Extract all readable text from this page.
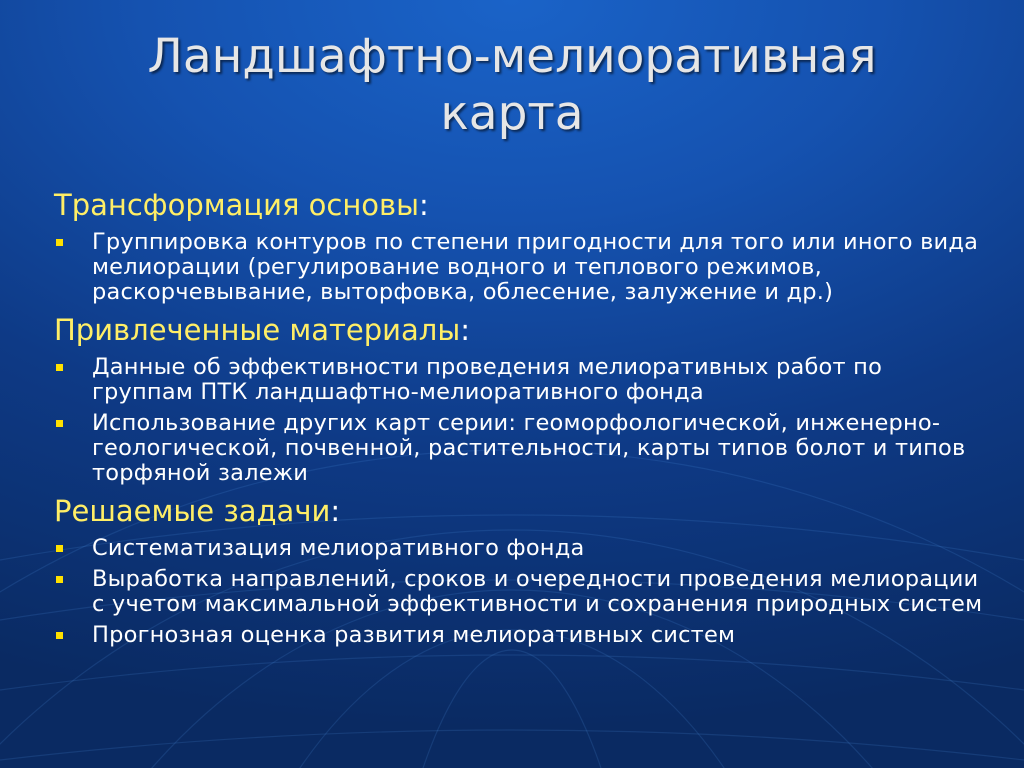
Ландшафтно-мелиоративная
карта
Трансформация основы:
Группировка контуров по степени пригодности для того или иного вида мелиорации (регулирование водного и теплового режимов, раскорчевывание, выторфовка, облесение, залужение и др.)
Привлеченные материалы:
Данные об эффективности проведения мелиоративных работ по группам ПТК ландшафтно-мелиоративного фонда
Использование других карт серии: геоморфологической, инженерно-геологической, почвенной, растительности, карты типов болот и типов торфяной залежи
Решаемые задачи:
Систематизация мелиоративного фонда
Выработка направлений, сроков и очередности проведения мелиорации с учетом максимальной эффективности и сохранения природных систем
Прогнозная оценка развития мелиоративных систем
